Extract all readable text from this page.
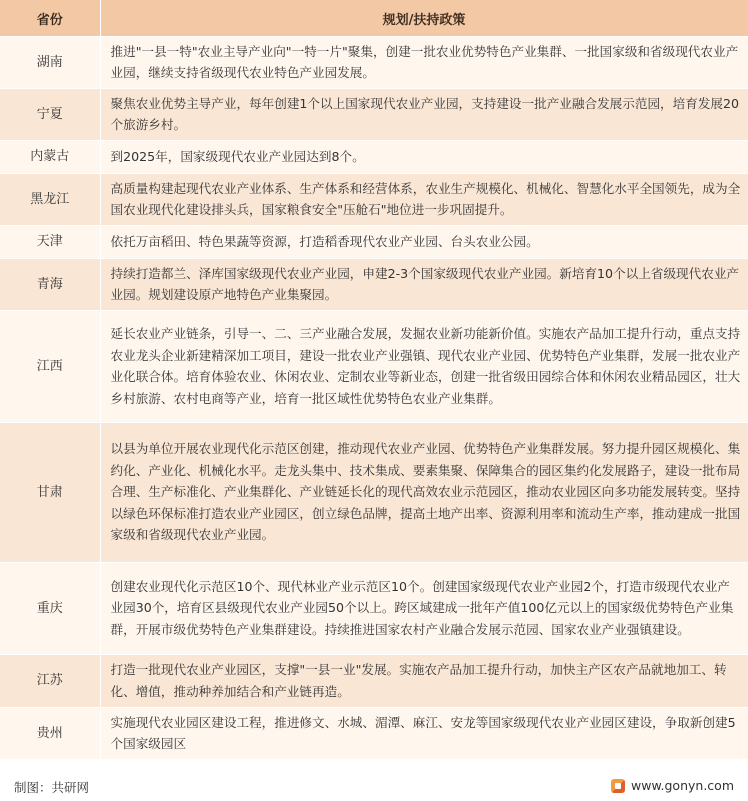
省份	规划/扶持政策
湖南	推进"一县一特"农业主导产业向"一特一片"聚集，创建一批农业优势特色产业集群、一批国家级和省级现代农业产业园，继续支持省级现代农业特色产业园发展。
宁夏	聚焦农业优势主导产业，每年创建1个以上国家现代农业产业园，支持建设一批产业融合发展示范园，培育发展20个旅游乡村。
内蒙古	到2025年，国家级现代农业产业园达到8个。
黑龙江	高质量构建起现代农业产业体系、生产体系和经营体系，农业生产规模化、机械化、智慧化水平全国领先，成为全国农业现代化建设排头兵，国家粮食安全"压舱石"地位进一步巩固提升。
天津	依托万亩稻田、特色果蔬等资源，打造稻香现代农业产业园、台头农业公园。
青海	持续打造都兰、泽库国家级现代农业产业园，申建2-3个国家级现代农业产业园。新培育10个以上省级现代农业产业园。规划建设原产地特色产业集聚园。
江西	延长农业产业链条，引导一、二、三产业融合发展，发掘农业新功能新价值。实施农产品加工提升行动，重点支持农业龙头企业新建精深加工项目，建设一批农业产业强镇、现代农业产业园、优势特色产业集群，发展一批农业产业化联合体。培育体验农业、休闲农业、定制农业等新业态，创建一批省级田园综合体和休闲农业精品园区，壮大乡村旅游、农村电商等产业，培育一批区域性优势特色农业产业集群。
甘肃	以县为单位开展农业现代化示范区创建，推动现代农业产业园、优势特色产业集群发展。努力提升园区规模化、集约化、产业化、机械化水平。走龙头集中、技术集成、要素集聚、保障集合的园区集约化发展路子，建设一批布局合理、生产标准化、产业集群化、产业链延长化的现代高效农业示范园区，推动农业园区向多功能发展转变。坚持以绿色环保标准打造农业产业园区，创立绿色品牌，提高土地产出率、资源利用率和流动生产率，推动建成一批国家级和省级现代农业产业园。
重庆	创建农业现代化示范区10个、现代林业产业示范区10个。创建国家级现代农业产业园2个，打造市级现代农业产业园30个，培育区县级现代农业产业园50个以上。跨区域建成一批年产值100亿元以上的国家级优势特色产业集群，开展市级优势特色产业集群建设。持续推进国家农村产业融合发展示范园、国家农业产业强镇建设。
江苏	打造一批现代农业产业园区，支撑"一县一业"发展。实施农产品加工提升行动，加快主产区农产品就地加工、转化、增值，推动种养加结合和产业链再造。
贵州	实施现代农业园区建设工程，推进修文、水城、湄潭、麻江、安龙等国家级现代农业产业园区建设，争取新创建5个国家级园区
制图：共研网	www.gonyn.com
